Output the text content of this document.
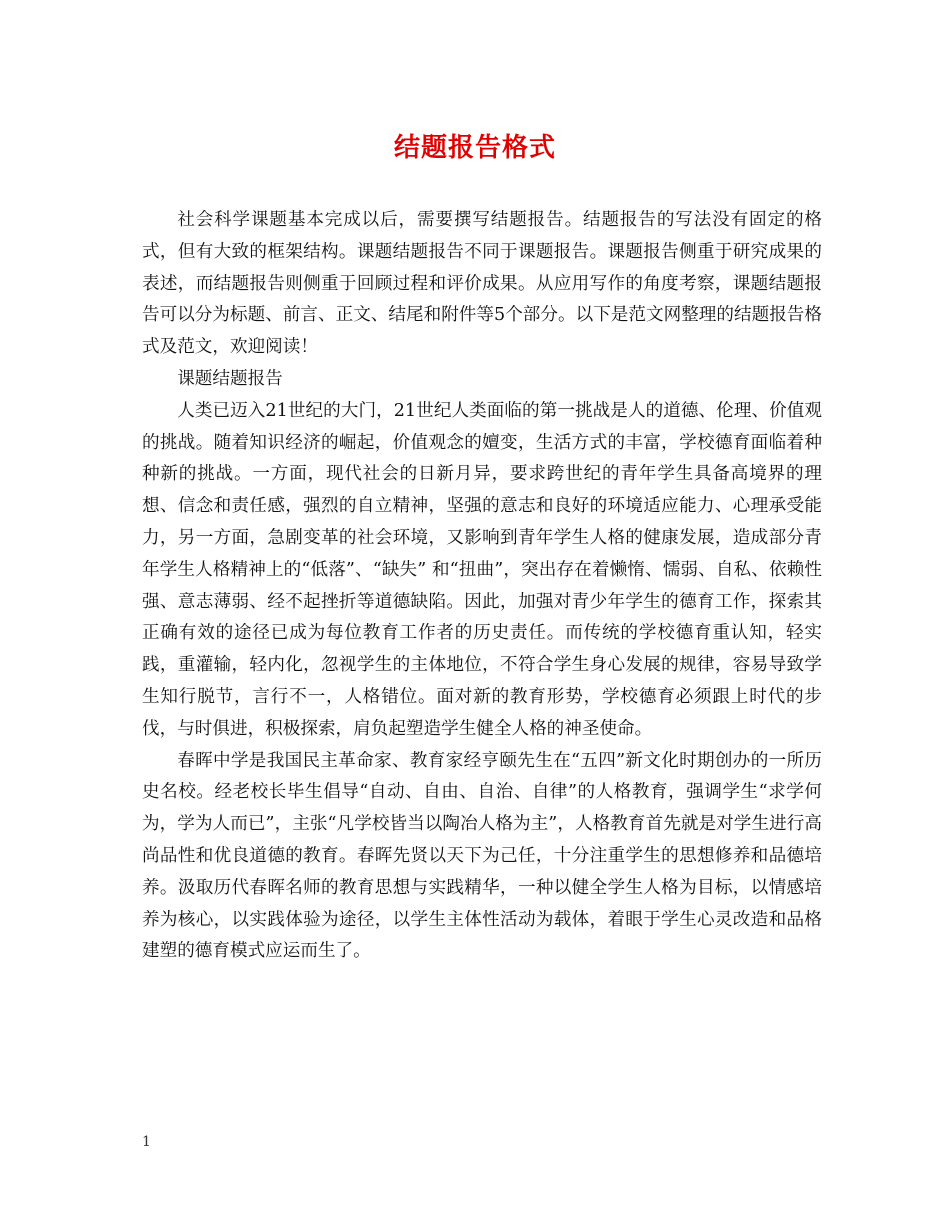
结题报告格式

社会科学课题基本完成以后，需要撰写结题报告。结题报告的写法没有固定的格式，但有大致的框架结构。课题结题报告不同于课题报告。课题报告侧重于研究成果的表述，而结题报告则侧重于回顾过程和评价成果。从应用写作的角度考察，课题结题报告可以分为标题、前言、正文、结尾和附件等5个部分。以下是范文网整理的结题报告格式及范文，欢迎阅读！

课题结题报告

人类已迈入21世纪的大门，21世纪人类面临的第一挑战是人的道德、伦理、价值观的挑战。随着知识经济的崛起，价值观念的嬗变，生活方式的丰富，学校德育面临着种种新的挑战。一方面，现代社会的日新月异，要求跨世纪的青年学生具备高境界的理想、信念和责任感，强烈的自立精神，坚强的意志和良好的环境适应能力、心理承受能力，另一方面，急剧变革的社会环境，又影响到青年学生人格的健康发展，造成部分青年学生人格精神上的“低落”、“缺失” 和“扭曲”，突出存在着懒惰、懦弱、自私、依赖性强、意志薄弱、经不起挫折等道德缺陷。因此，加强对青少年学生的德育工作，探索其正确有效的途径已成为每位教育工作者的历史责任。而传统的学校德育重认知，轻实践，重灌输，轻内化，忽视学生的主体地位，不符合学生身心发展的规律，容易导致学生知行脱节，言行不一，人格错位。面对新的教育形势，学校德育必须跟上时代的步伐，与时俱进，积极探索，肩负起塑造学生健全人格的神圣使命。

春晖中学是我国民主革命家、教育家经亨颐先生在“五四”新文化时期创办的一所历史名校。经老校长毕生倡导“自动、自由、自治、自律”的人格教育，强调学生“求学何为，学为人而已”，主张“凡学校皆当以陶冶人格为主”，人格教育首先就是对学生进行高尚品性和优良道德的教育。春晖先贤以天下为己任，十分注重学生的思想修养和品德培养。汲取历代春晖名师的教育思想与实践精华，一种以健全学生人格为目标，以情感培养为核心，以实践体验为途径，以学生主体性活动为载体，着眼于学生心灵改造和品格建塑的德育模式应运而生了。

1
